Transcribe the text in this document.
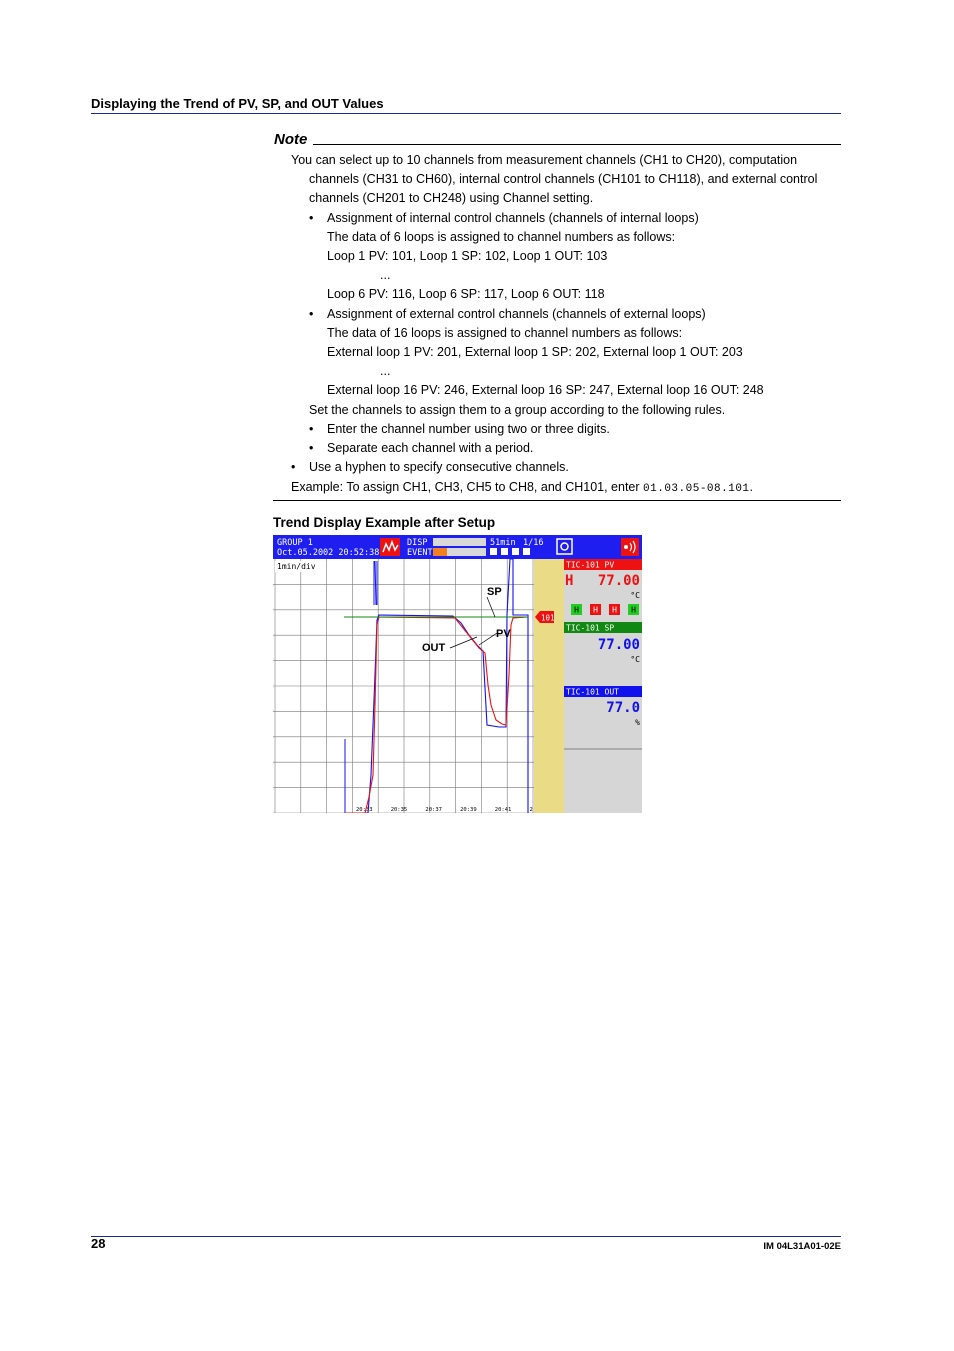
Displaying the Trend of PV, SP, and OUT Values
Note
You can select up to 10 channels from measurement channels (CH1 to CH20), computation
channels (CH31 to CH60), internal control channels (CH101 to CH118), and external control
channels (CH201 to CH248) using Channel setting.
• Assignment of internal control channels (channels of internal loops)
The data of 6 loops is assigned to channel numbers as follows:
Loop 1 PV: 101, Loop 1 SP: 102, Loop 1 OUT: 103
...
Loop 6 PV: 116, Loop 6 SP: 117, Loop 6 OUT: 118
• Assignment of external control channels (channels of external loops)
The data of 16 loops is assigned to channel numbers as follows:
External loop 1 PV: 201, External loop 1 SP: 202, External loop 1 OUT: 203
...
External loop 16 PV: 246, External loop 16 SP: 247, External loop 16 OUT: 248
Set the channels to assign them to a group according to the following rules.
• Enter the channel number using two or three digits.
• Separate each channel with a period.
• Use a hyphen to specify consecutive channels.
Example: To assign CH1, CH3, CH5 to CH8, and CH101, enter 01.03.05-08.101.
Trend Display Example after Setup
GROUP 1
Oct.05.2002 20:52:38
DISP
EVENT
51min 1/16
1min/div
20:33	20:35	20:37	20:39	20:41	2
SP
PV
OUT
101
TIC-101 PV
H 77.00
°C
H H H H
TIC-101 SP
77.00
°C
TIC-101 OUT
77.0
%
28	IM 04L31A01-02E
